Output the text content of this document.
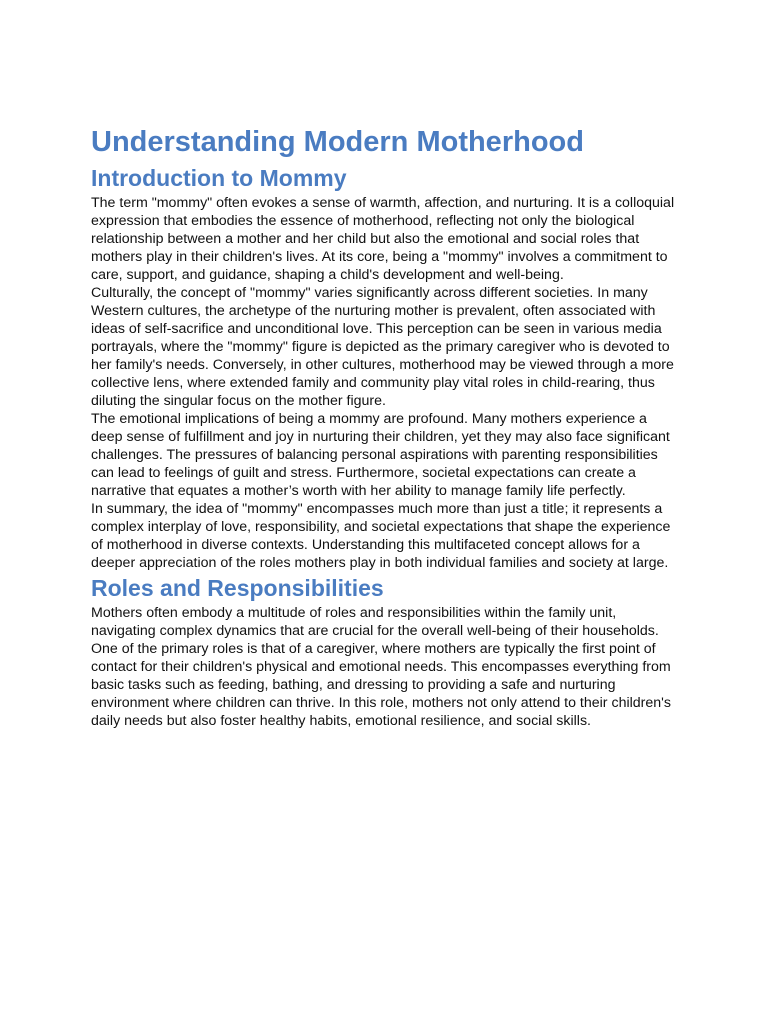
Understanding Modern Motherhood
Introduction to Mommy

The term "mommy" often evokes a sense of warmth, affection, and nurturing. It is a colloquial expression that embodies the essence of motherhood, reflecting not only the biological relationship between a mother and her child but also the emotional and social roles that mothers play in their children's lives. At its core, being a "mommy" involves a commitment to care, support, and guidance, shaping a child's development and well-being.

Culturally, the concept of "mommy" varies significantly across different societies. In many Western cultures, the archetype of the nurturing mother is prevalent, often associated with ideas of self-sacrifice and unconditional love. This perception can be seen in various media portrayals, where the "mommy" figure is depicted as the primary caregiver who is devoted to her family's needs. Conversely, in other cultures, motherhood may be viewed through a more collective lens, where extended family and community play vital roles in child-rearing, thus diluting the singular focus on the mother figure.

The emotional implications of being a mommy are profound. Many mothers experience a deep sense of fulfillment and joy in nurturing their children, yet they may also face significant challenges. The pressures of balancing personal aspirations with parenting responsibilities can lead to feelings of guilt and stress. Furthermore, societal expectations can create a narrative that equates a mother’s worth with her ability to manage family life perfectly.

In summary, the idea of "mommy" encompasses much more than just a title; it represents a complex interplay of love, responsibility, and societal expectations that shape the experience of motherhood in diverse contexts. Understanding this multifaceted concept allows for a deeper appreciation of the roles mothers play in both individual families and society at large.

Roles and Responsibilities

Mothers often embody a multitude of roles and responsibilities within the family unit, navigating complex dynamics that are crucial for the overall well-being of their households. One of the primary roles is that of a caregiver, where mothers are typically the first point of contact for their children's physical and emotional needs. This encompasses everything from basic tasks such as feeding, bathing, and dressing to providing a safe and nurturing environment where children can thrive. In this role, mothers not only attend to their children's daily needs but also foster healthy habits, emotional resilience, and social skills.
